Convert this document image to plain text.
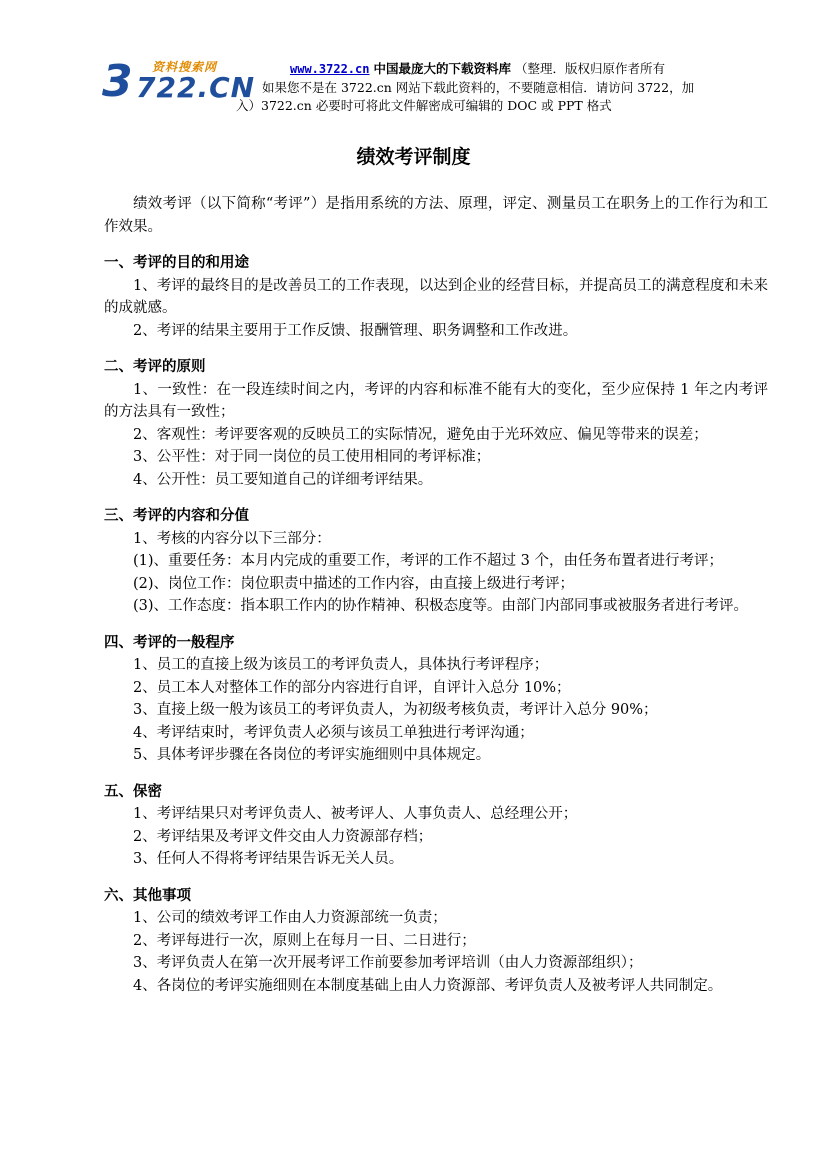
3 资料搜索网
722.CN
www.3722.cn 中国最庞大的下载资料库 （整理．版权归原作者所有
如果您不是在 3722.cn 网站下载此资料的，不要随意相信．请访问 3722，加
入）3722.cn 必要时可将此文件解密成可编辑的 DOC 或 PPT 格式
绩效考评制度

绩效考评（以下简称“考评”）是指用系统的方法、原理，评定、测量员工在职务上的工作行为和工作效果。

一、考评的目的和用途

1、考评的最终目的是改善员工的工作表现，以达到企业的经营目标，并提高员工的满意程度和未来的成就感。

2、考评的结果主要用于工作反馈、报酬管理、职务调整和工作改进。

二、考评的原则

1、一致性：在一段连续时间之内，考评的内容和标准不能有大的变化，至少应保持 1 年之内考评的方法具有一致性；

2、客观性：考评要客观的反映员工的实际情况，避免由于光环效应、偏见等带来的误差；

3、公平性：对于同一岗位的员工使用相同的考评标准；

4、公开性：员工要知道自己的详细考评结果。

三、考评的内容和分值

1、考核的内容分以下三部分：

(1)、重要任务：本月内完成的重要工作，考评的工作不超过 3 个，由任务布置者进行考评；

(2)、岗位工作：岗位职责中描述的工作内容，由直接上级进行考评；

(3)、工作态度：指本职工作内的协作精神、积极态度等。由部门内部同事或被服务者进行考评。

四、考评的一般程序

1、员工的直接上级为该员工的考评负责人，具体执行考评程序；

2、员工本人对整体工作的部分内容进行自评，自评计入总分 10%；

3、直接上级一般为该员工的考评负责人，为初级考核负责，考评计入总分 90%；

4、考评结束时，考评负责人必须与该员工单独进行考评沟通；

5、具体考评步骤在各岗位的考评实施细则中具体规定。

五、保密

1、考评结果只对考评负责人、被考评人、人事负责人、总经理公开；

2、考评结果及考评文件交由人力资源部存档；

3、任何人不得将考评结果告诉无关人员。

六、其他事项

1、公司的绩效考评工作由人力资源部统一负责；

2、考评每进行一次，原则上在每月一日、二日进行；

3、考评负责人在第一次开展考评工作前要参加考评培训（由人力资源部组织）；

4、各岗位的考评实施细则在本制度基础上由人力资源部、考评负责人及被考评人共同制定。
